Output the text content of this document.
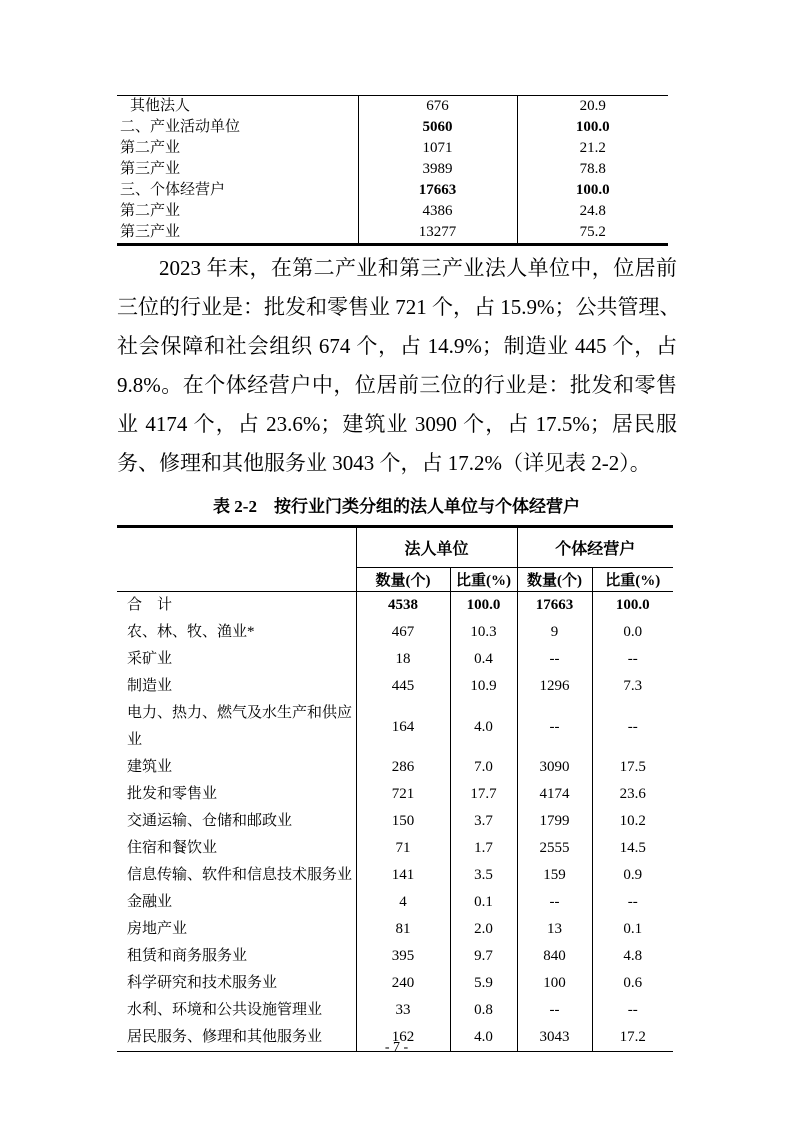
其他法人	676	20.9
二、产业活动单位	5060	100.0
第二产业	1071	21.2
第三产业	3989	78.8
三、个体经营户	17663	100.0
第二产业	4386	24.8
第三产业	13277	75.2
2023 年末，在第二产业和第三产业法人单位中，位居前
三位的行业是：批发和零售业 721 个，占 15.9%；公共管理、
社会保障和社会组织 674 个，占 14.9%；制造业 445 个，占
9.8%。在个体经营户中，位居前三位的行业是：批发和零售
业 4174 个，占 23.6%；建筑业 3090 个，占 17.5%；居民服
务、修理和其他服务业 3043 个，占 17.2%（详见表 2-2）。
表 2-2　按行业门类分组的法人单位与个体经营户
	法人单位		个体经营户	
	数量(个)	比重(%)	数量(个)	比重(%)
合　计	4538	100.0	17663	100.0
农、林、牧、渔业*	467	10.3	9	0.0
采矿业	18	0.4	--	--
制造业	445	10.9	1296	7.3
电力、热力、燃气及水生产和供应业	164	4.0	--	--
建筑业	286	7.0	3090	17.5
批发和零售业	721	17.7	4174	23.6
交通运输、仓储和邮政业	150	3.7	1799	10.2
住宿和餐饮业	71	1.7	2555	14.5
信息传输、软件和信息技术服务业	141	3.5	159	0.9
金融业	4	0.1	--	--
房地产业	81	2.0	13	0.1
租赁和商务服务业	395	9.7	840	4.8
科学研究和技术服务业	240	5.9	100	0.6
水利、环境和公共设施管理业	33	0.8	--	--
居民服务、修理和其他服务业	162	4.0	3043	17.2
- 7 -
